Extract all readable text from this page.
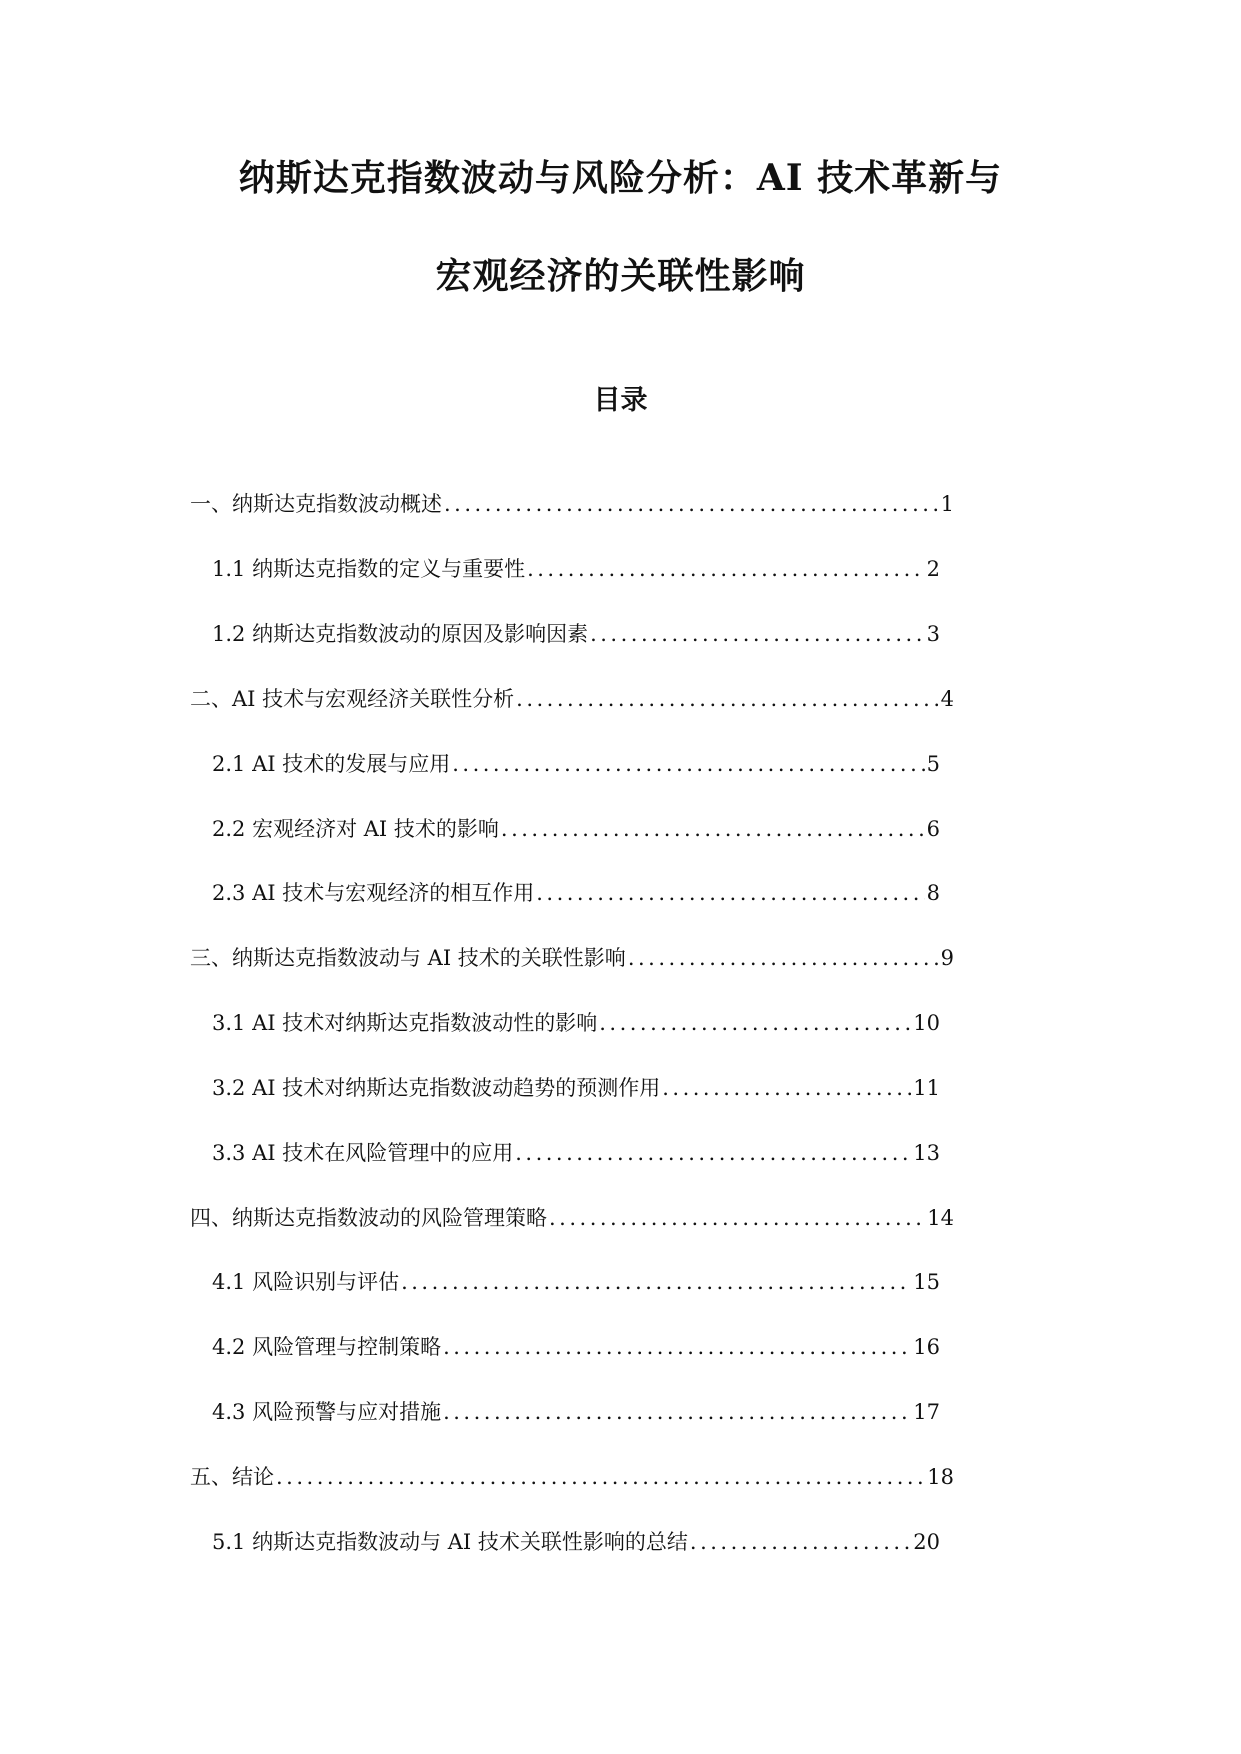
纳斯达克指数波动与风险分析：AI 技术革新与
宏观经济的关联性影响
目录
一、纳斯达克指数波动概述 .....	1
1.1 纳斯达克指数的定义与重要性 .....	2
1.2 纳斯达克指数波动的原因及影响因素 .....	3
二、AI 技术与宏观经济关联性分析 .....	4
2.1 AI 技术的发展与应用 .....	5
2.2 宏观经济对 AI 技术的影响 .....	6
2.3 AI 技术与宏观经济的相互作用 .....	8
三、纳斯达克指数波动与 AI 技术的关联性影响 .....	9
3.1 AI 技术对纳斯达克指数波动性的影响 .....	10
3.2 AI 技术对纳斯达克指数波动趋势的预测作用 .....	11
3.3 AI 技术在风险管理中的应用 .....	13
四、纳斯达克指数波动的风险管理策略 .....	14
4.1 风险识别与评估 .....	15
4.2 风险管理与控制策略 .....	16
4.3 风险预警与应对措施 .....	17
五、结论 .....	18
5.1 纳斯达克指数波动与 AI 技术关联性影响的总结 .....	20
